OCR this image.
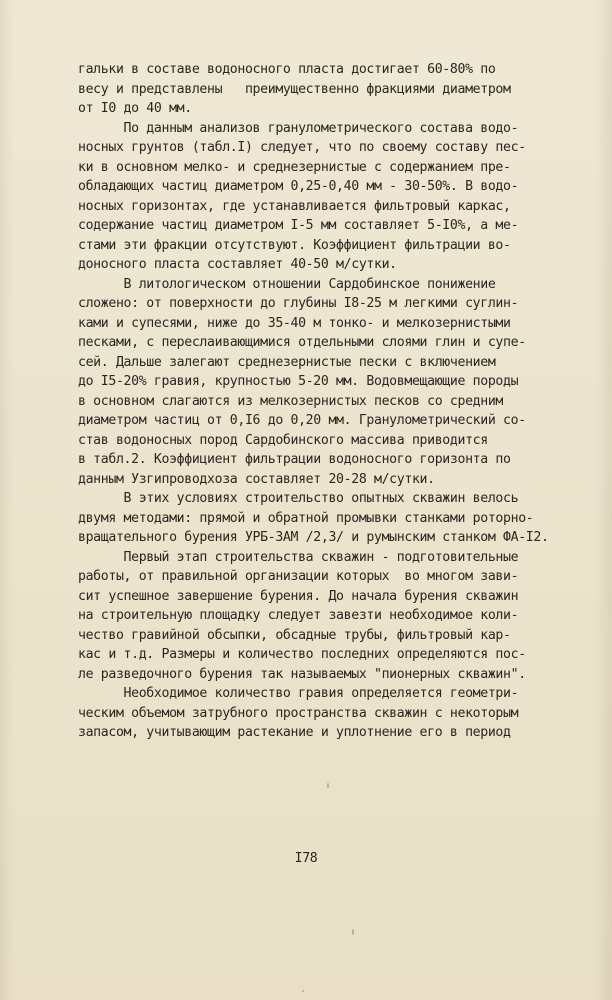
гальки в составе водоносного пласта достигает 60-80% по
весу и представлены   преимущественно фракциями диаметром
от I0 до 40 мм.
По данным анализов гранулометрического состава водо-
носных грунтов (табл.I) следует, что по своему составу пес-
ки в основном мелко- и среднезернистые с содержанием пре-
обладающих частиц диаметром 0,25-0,40 мм - 30-50%. В водо-
носных горизонтах, где устанавливается фильтровый каркас,
содержание частиц диаметром I-5 мм составляет 5-I0%, а ме-
стами эти фракции отсутствуют. Коэффициент фильтрации во-
доносного пласта составляет 40-50 м/сутки.
В литологическом отношении Сардобинское понижение
сложено: от поверхности до глубины I8-25 м легкими суглин-
ками и супесями, ниже до 35-40 м тонко- и мелкозернистыми
песками, с переслаивающимися отдельными слоями глин и супе-
сей. Дальше залегают среднезернистые пески с включением
до I5-20% гравия, крупностью 5-20 мм. Водовмещающие породы
в основном слагаются из мелкозернистых песков со средним
диаметром частиц от 0,I6 до 0,20 мм. Гранулометрический со-
став водоносных пород Сардобинского массива приводится
в табл.2. Коэффициент фильтрации водоносного горизонта по
данным Узгипроводхоза составляет 20-28 м/сутки.
В этих условиях строительство опытных скважин велось
двумя методами: прямой и обратной промывки станками роторно-
вращательного бурения УРБ-3АМ /2,3/ и румынским станком ФА-I2.
Первый этап строительства скважин - подготовительные
работы, от правильной организации которых  во многом зави-
сит успешное завершение бурения. До начала бурения скважин
на строительную площадку следует завезти необходимое коли-
чество гравийной обсыпки, обсадные трубы, фильтровый кар-
кас и т.д. Размеры и количество последних определяются пос-
ле разведочного бурения так называемых "пионерных скважин".
Необходимое количество гравия определяется геометри-
ческим объемом затрубного пространства скважин с некоторым
запасом, учитывающим растекание и уплотнение его в период
I78
